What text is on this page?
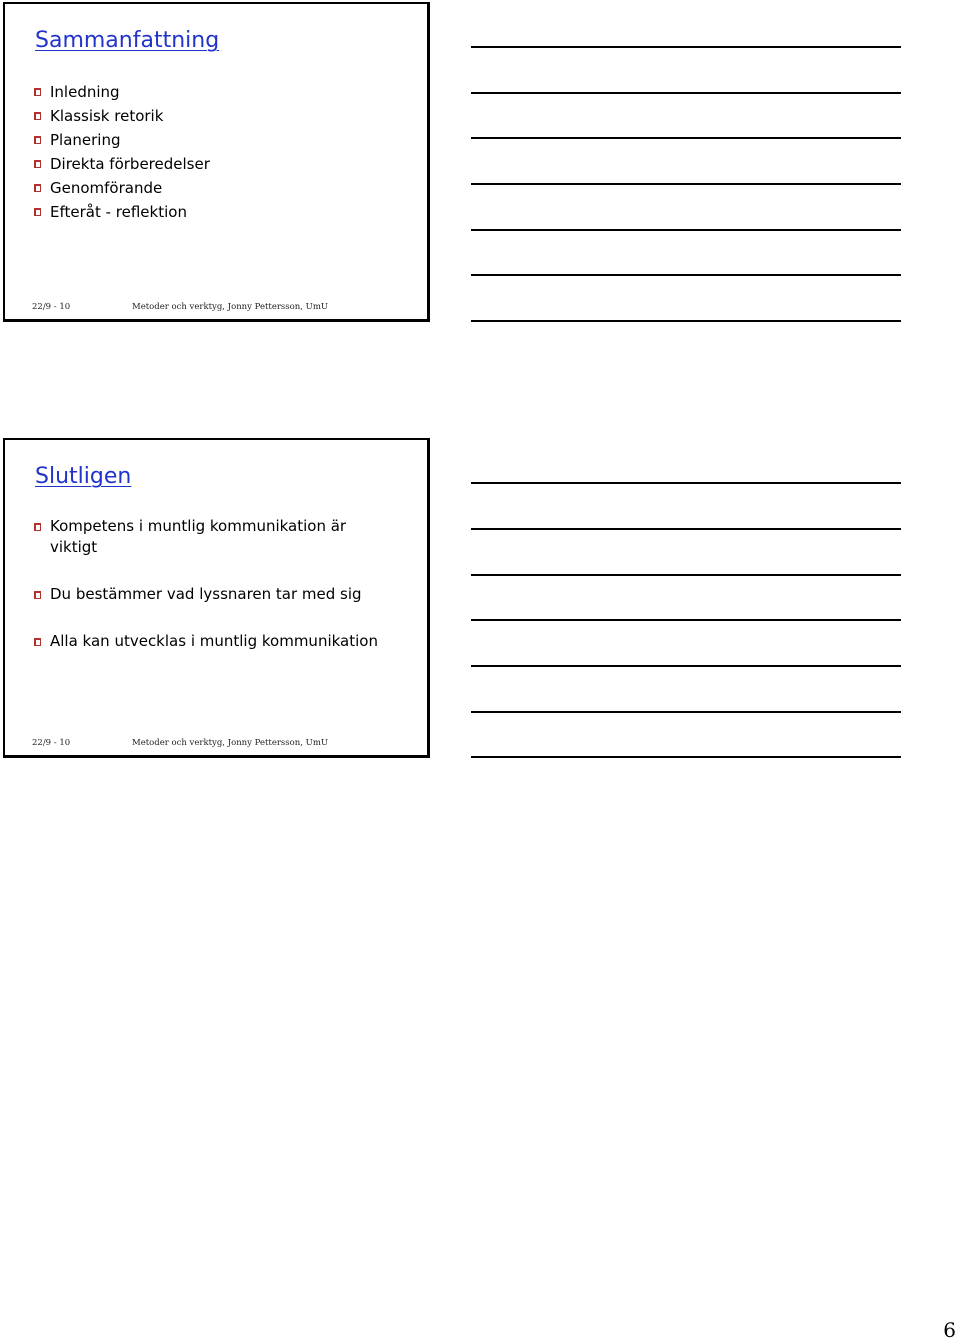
Sammanfattning
Inledning
Klassisk retorik
Planering
Direkta förberedelser
Genomförande
Efteråt - reflektion
22/9 - 10	Metoder och verktyg, Jonny Pettersson, UmU
Slutligen
Kompetens i muntlig kommunikation är
viktigt
Du bestämmer vad lyssnaren tar med sig
Alla kan utvecklas i muntlig kommunikation
22/9 - 10	Metoder och verktyg, Jonny Pettersson, UmU
6
